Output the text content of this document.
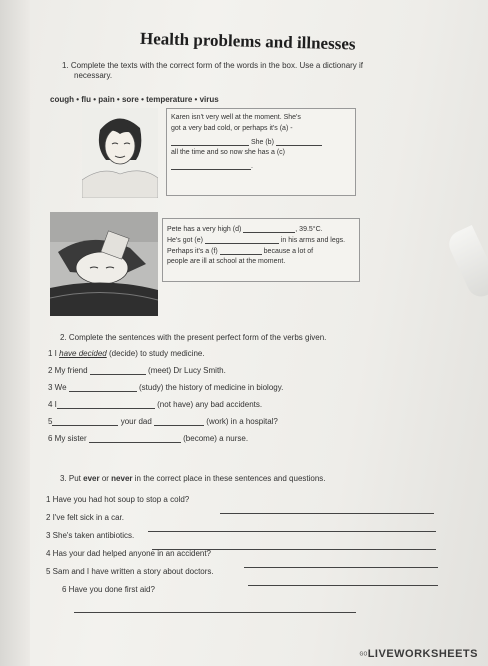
Health problems and illnesses
1. Complete the texts with the correct form of the words in the box. Use a dictionary if
necessary.
cough • flu • pain • sore • temperature • virus
Karen isn't very well at the moment. She's
got a very bad cold, or perhaps it's (a) -
She (b)
all the time and so now she has a (c)
.
Pete has a very high (d)	, 39.5°C.
He's got (e)	in his arms and legs.
Perhaps it's a (f)	because a lot of
people are ill at school at the moment.
2. Complete the sentences with the present perfect form of the verbs given.
1 I have decided (decide) to study medicine.
2 My friend	(meet) Dr Lucy Smith.
3 We	(study) the history of medicine in biology.
4 I	(not have) any bad accidents.
5	your dad	(work) in a hospital?
6 My sister	(become) a nurse.
3. Put ever or never in the correct place in these sentences and questions.
1 Have you had hot soup to stop a cold?
2 I've felt sick in a car.
3 She's taken antibiotics.
4 Has your dad helped anyone in an accident?
5 Sam and I have written a story about doctors.
6 Have you done first aid?
ᴳᴼLIVEWORKSHEETS
